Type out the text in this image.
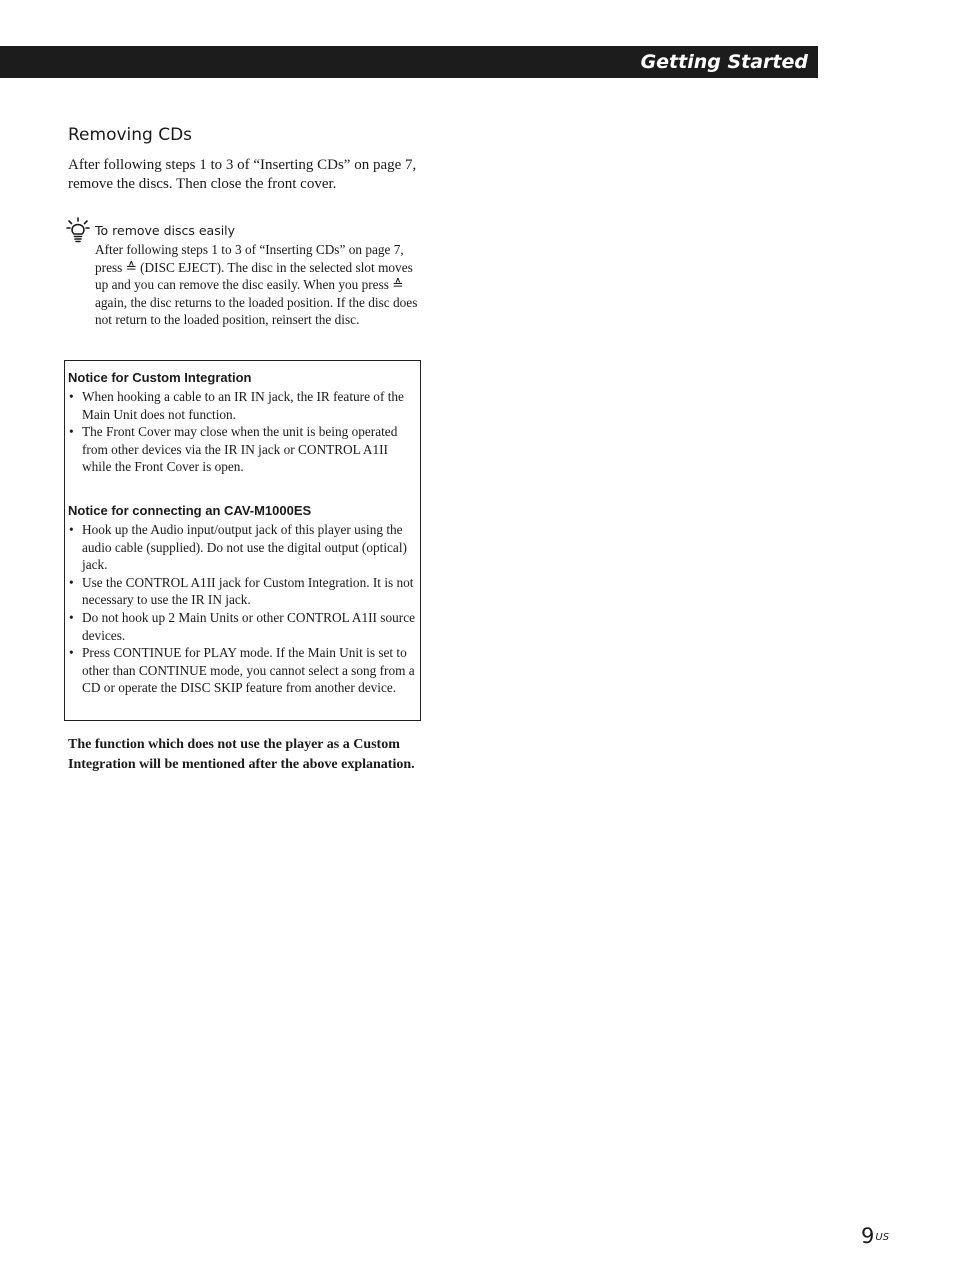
Getting Started
Removing CDs
After following steps 1 to 3 of “Inserting CDs” on page 7, remove the discs. Then close the front cover.
To remove discs easily
After following steps 1 to 3 of “Inserting CDs” on page 7, press ≙ (DISC EJECT). The disc in the selected slot moves up and you can remove the disc easily. When you press ≙ again, the disc returns to the loaded position. If the disc does not return to the loaded position, reinsert the disc.
Notice for Custom Integration
• When hooking a cable to an IR IN jack, the IR feature of the Main Unit does not function.
• The Front Cover may close when the unit is being operated from other devices via the IR IN jack or CONTROL A1II while the Front Cover is open.
Notice for connecting an CAV-M1000ES
• Hook up the Audio input/output jack of this player using the audio cable (supplied). Do not use the digital output (optical) jack.
• Use the CONTROL A1II jack for Custom Integration. It is not necessary to use the IR IN jack.
• Do not hook up 2 Main Units or other CONTROL A1II source devices.
• Press CONTINUE for PLAY mode. If the Main Unit is set to other than CONTINUE mode, you cannot select a song from a CD or operate the DISC SKIP feature from another device.
The function which does not use the player as a Custom Integration will be mentioned after the above explanation.
$9^{US}$
